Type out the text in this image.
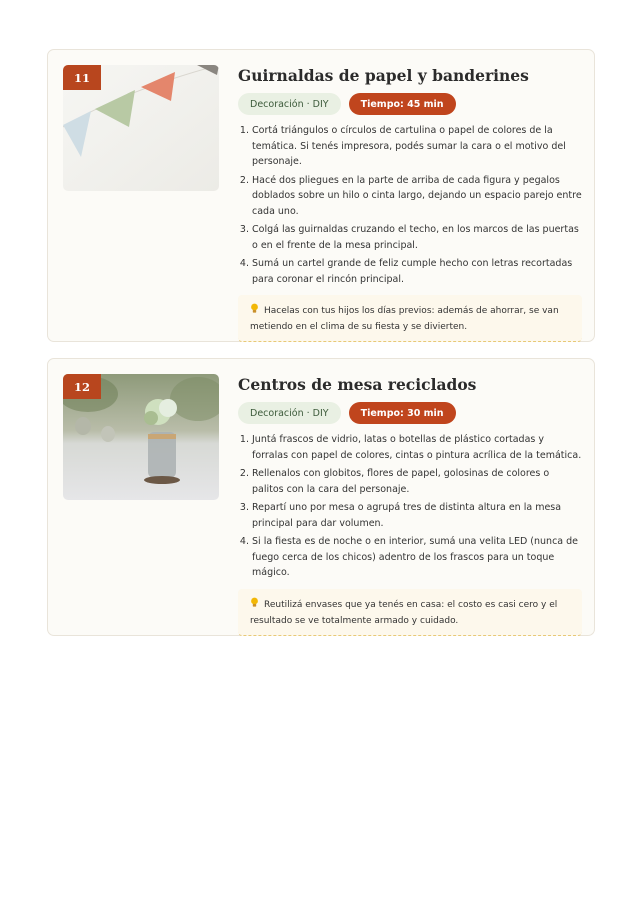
11	Guirnaldas de papel y banderines
Decoración · DIY	Tiempo: 45 min
1. Cortá triángulos o círculos de cartulina o papel de colores de la temática. Si tenés impresora, podés sumar la cara o el motivo del personaje.
2. Hacé dos pliegues en la parte de arriba de cada figura y pegalos doblados sobre un hilo o cinta largo, dejando un espacio parejo entre cada uno.
3. Colgá las guirnaldas cruzando el techo, en los marcos de las puertas o en el frente de la mesa principal.
4. Sumá un cartel grande de feliz cumple hecho con letras recortadas para coronar el rincón principal.
Hacelas con tus hijos los días previos: además de ahorrar, se van metiendo en el clima de su fiesta y se divierten.
12	Centros de mesa reciclados
Decoración · DIY	Tiempo: 30 min
1. Juntá frascos de vidrio, latas o botellas de plástico cortadas y forralas con papel de colores, cintas o pintura acrílica de la temática.
2. Rellenalos con globitos, flores de papel, golosinas de colores o palitos con la cara del personaje.
3. Repartí uno por mesa o agrupá tres de distinta altura en la mesa principal para dar volumen.
4. Si la fiesta es de noche o en interior, sumá una velita LED (nunca de fuego cerca de los chicos) adentro de los frascos para un toque mágico.
Reutilizá envases que ya tenés en casa: el costo es casi cero y el resultado se ve totalmente armado y cuidado.
